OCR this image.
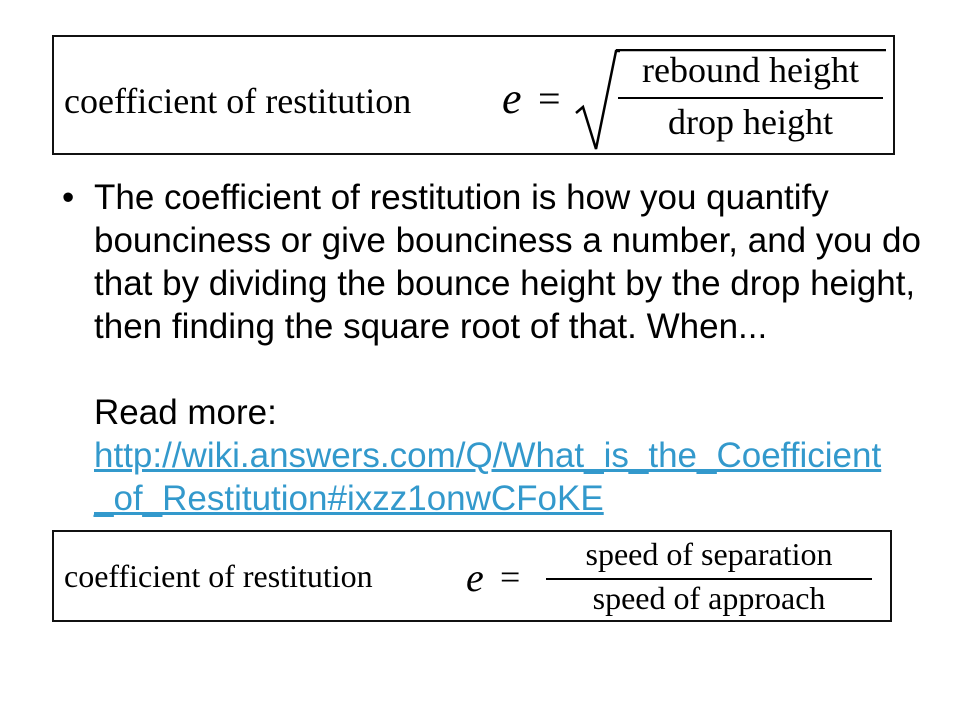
coefficient of restitution e =
rebound height
drop height
• The coefficient of restitution is how you quantify bounciness or give bounciness a number, and you do that by dividing the bounce height by the drop height, then finding the square root of that. When...

Read more:
http://wiki.answers.com/Q/What_is_the_Coefficient_of_Restitution#ixzz1onwCFoKE
coefficient of restitution e =
speed of separation
speed of approach
